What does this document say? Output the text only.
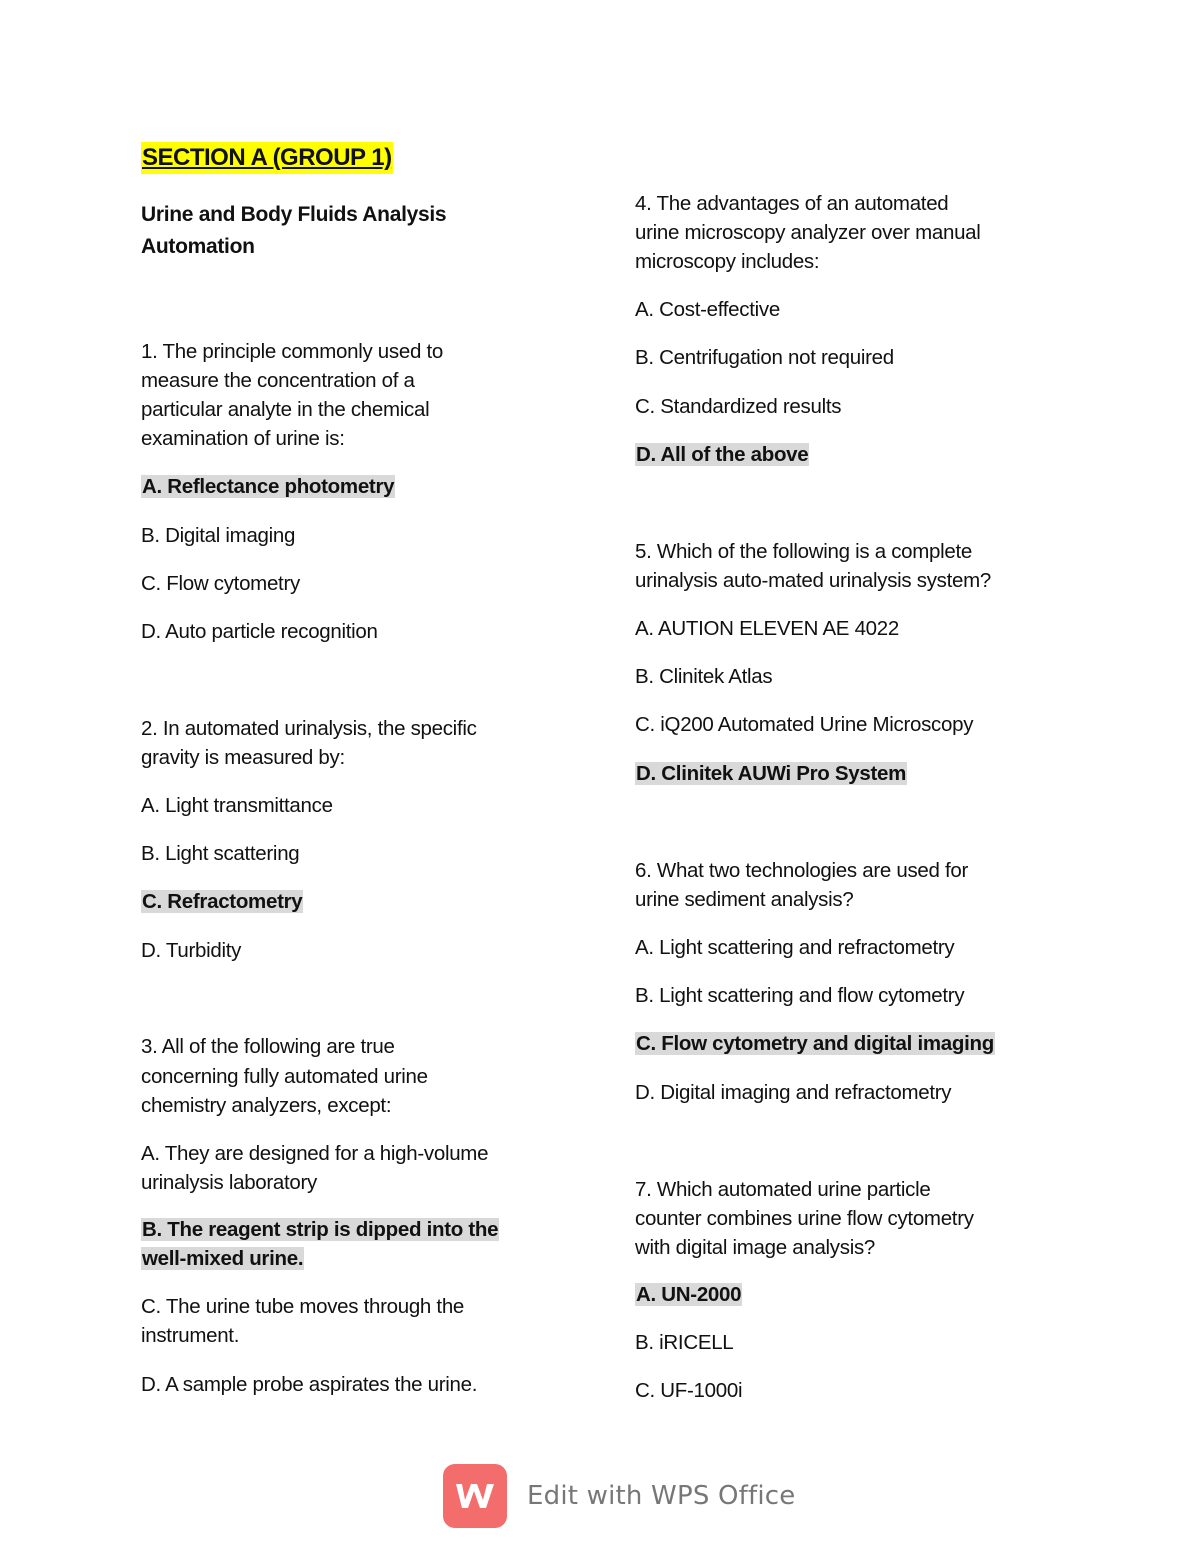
SECTION A (GROUP 1)
Urine and Body Fluids Analysis Automation
1. The principle commonly used to
measure the concentration of a
particular analyte in the chemical
examination of urine is:
A. Reflectance photometry
B. Digital imaging
C. Flow cytometry
D. Auto particle recognition
2. In automated urinalysis, the specific
gravity is measured by:
A. Light transmittance
B. Light scattering
C. Refractometry
D. Turbidity
3. All of the following are true
concerning fully automated urine
chemistry analyzers, except:
A. They are designed for a high-volume
urinalysis laboratory
B. The reagent strip is dipped into the
well-mixed urine.
C. The urine tube moves through the
instrument.
D. A sample probe aspirates the urine.
4. The advantages of an automated
urine microscopy analyzer over manual
microscopy includes:
A. Cost-effective
B. Centrifugation not required
C. Standardized results
D. All of the above
5. Which of the following is a complete
urinalysis auto-mated urinalysis system?
A. AUTION ELEVEN AE 4022
B. Clinitek Atlas
C. iQ200 Automated Urine Microscopy
D. Clinitek AUWi Pro System
6. What two technologies are used for
urine sediment analysis?
A. Light scattering and refractometry
B. Light scattering and flow cytometry
C. Flow cytometry and digital imaging
D. Digital imaging and refractometry
7. Which automated urine particle
counter combines urine flow cytometry
with digital image analysis?
A. UN-2000
B. iRICELL
C. UF-1000i
Edit with WPS Office
